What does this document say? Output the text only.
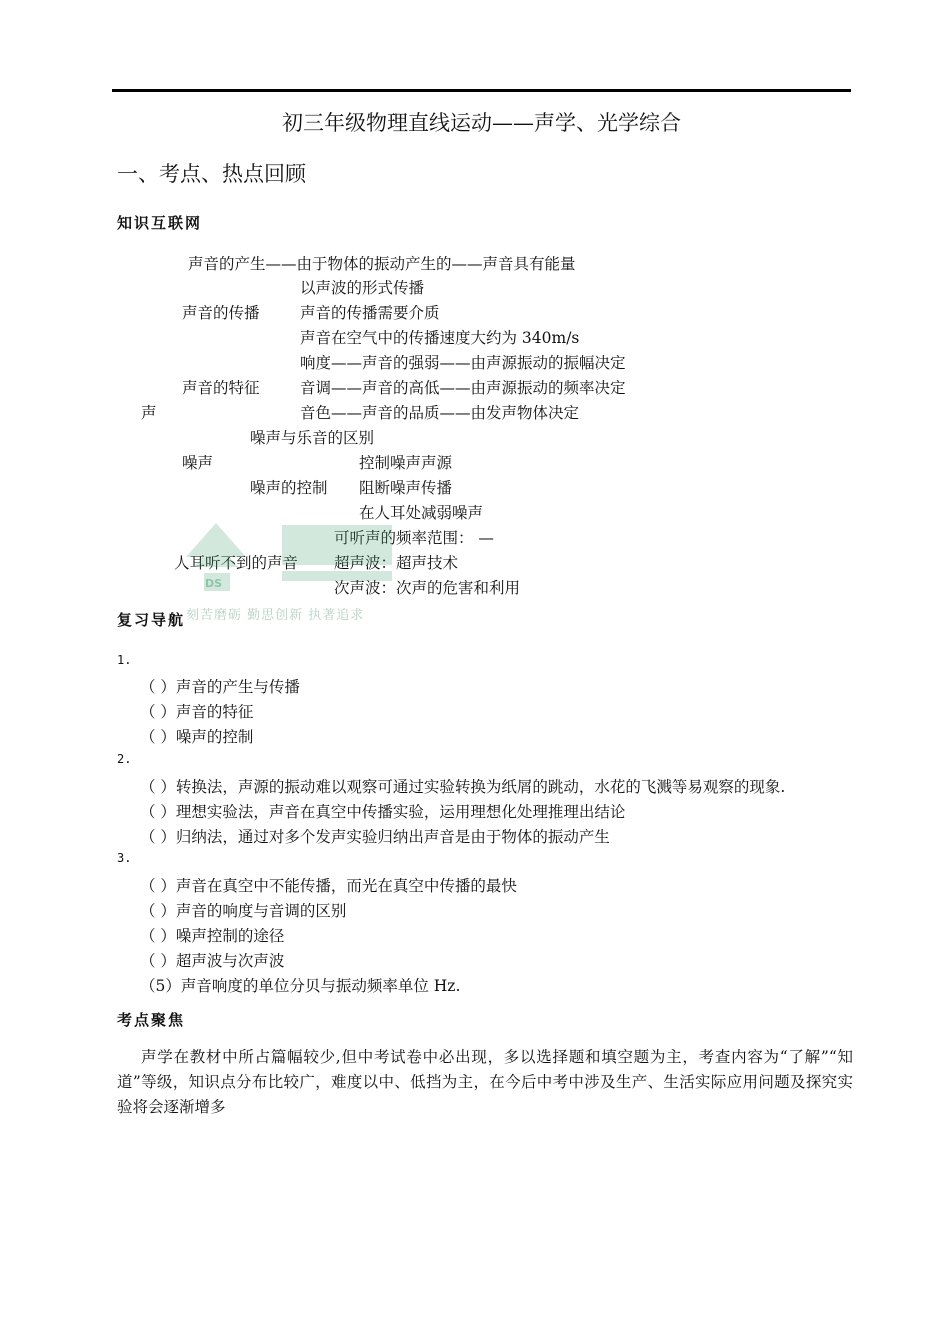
初三年级物理直线运动——声学、光学综合
一、考点、热点回顾
知识互联网
声音的产生——由于物体的振动产生的——声音具有能量
声音的传播
以声波的形式传播
声音的传播需要介质
声音在空气中的传播速度大约为 340m/s
声音的特征
响度——声音的强弱——由声源振动的振幅决定
音调——声音的高低——由声源振动的频率决定
音色——声音的品质——由发声物体决定
声
噪声与乐音的区别
噪声
噪声的控制
控制噪声声源
阻断噪声传播
在人耳处减弱噪声
可听声的频率范围： —
人耳听不到的声音 超声波：超声技术
次声波：次声的危害和利用
DS
刻苦磨砺 勤思创新 执著追求
复习导航
1.
（ ）声音的产生与传播
（ ）声音的特征
（ ）噪声的控制
2.
（ ）转换法，声源的振动难以观察可通过实验转换为纸屑的跳动，水花的飞溅等易观察的现象.
（ ）理想实验法，声音在真空中传播实验，运用理想化处理推理出结论
（ ）归纳法，通过对多个发声实验归纳出声音是由于物体的振动产生
3.
（ ）声音在真空中不能传播，而光在真空中传播的最快
（ ）声音的响度与音调的区别
（ ）噪声控制的途径
（ ）超声波与次声波
（5）声音响度的单位分贝与振动频率单位 Hz.
考点聚焦
声学在教材中所占篇幅较少,但中考试卷中必出现，多以选择题和填空题为主，考查内容为“了解”“知道”等级，知识点分布比较广，难度以中、低挡为主，在今后中考中涉及生产、生活实际应用问题及探究实验将会逐渐增多
